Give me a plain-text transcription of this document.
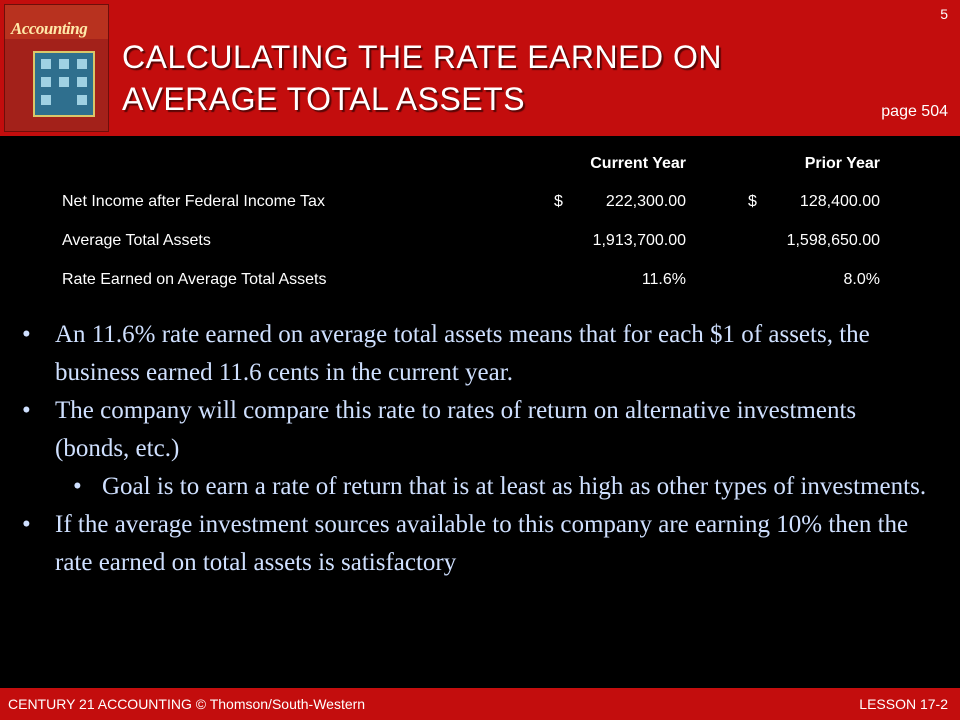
Accounting
CALCULATING THE RATE EARNED ON
AVERAGE TOTAL ASSETS
5
page 504
	Current Year	Prior Year
Net Income after Federal Income Tax	$ 222,300.00	$ 128,400.00
Average Total Assets	1,913,700.00	1,598,650.00
Rate Earned on Average Total Assets	11.6%	8.0%
• An 11.6% rate earned on average total assets means that for each $1 of assets, the business earned 11.6 cents in the current year.
• The company will compare this rate to rates of return on alternative investments (bonds, etc.)
• Goal is to earn a rate of return that is at least as high as other types of investments.
• If the average investment sources available to this company are earning 10% then the rate earned on total assets is satisfactory
CENTURY 21 ACCOUNTING © Thomson/South-Western	LESSON 17-2
